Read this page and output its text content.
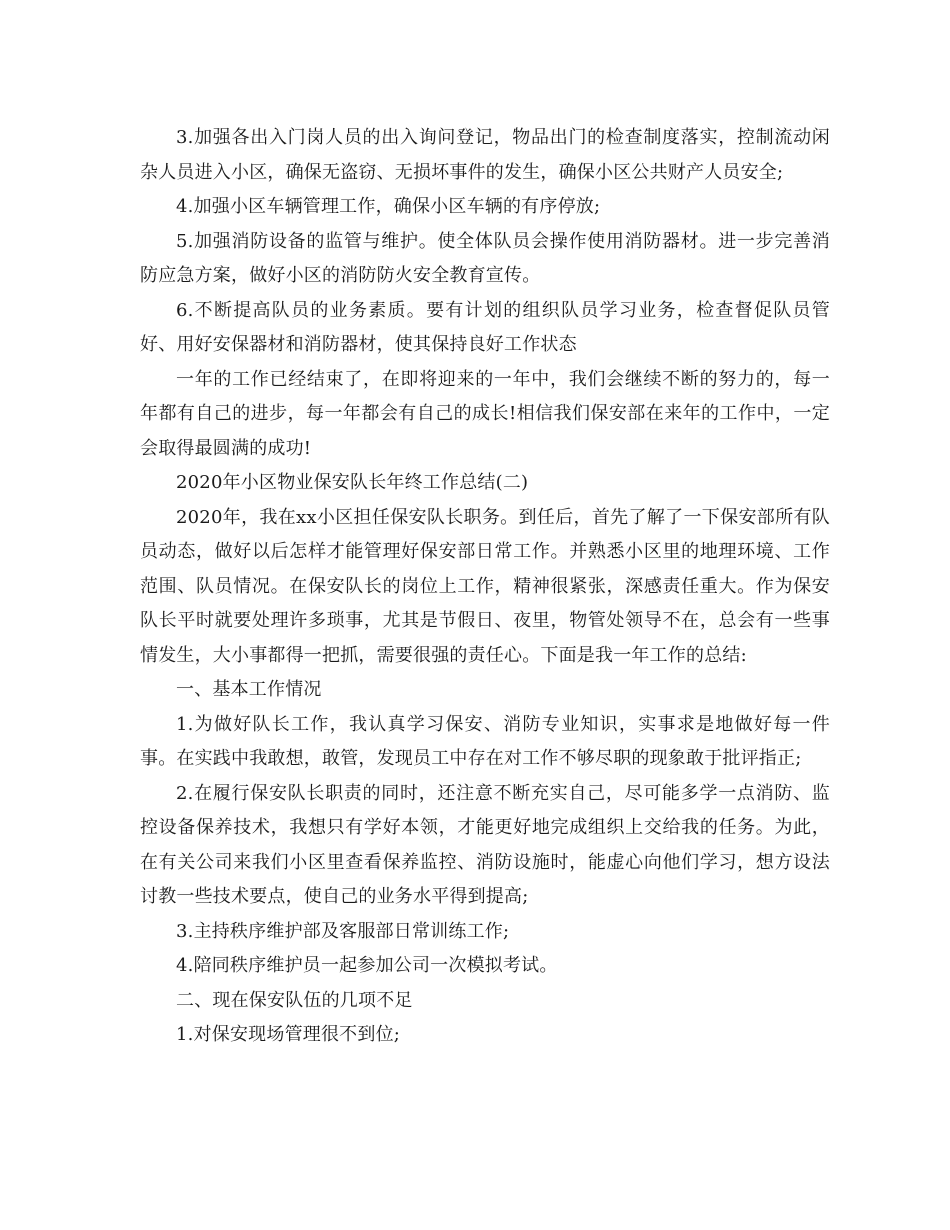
3.加强各出入门岗人员的出入询问登记，物品出门的检查制度落实，控制流动闲杂人员进入小区，确保无盗窃、无损坏事件的发生，确保小区公共财产人员安全;

4.加强小区车辆管理工作，确保小区车辆的有序停放;

5.加强消防设备的监管与维护。使全体队员会操作使用消防器材。进一步完善消防应急方案，做好小区的消防防火安全教育宣传。

6.不断提高队员的业务素质。要有计划的组织队员学习业务，检查督促队员管好、用好安保器材和消防器材，使其保持良好工作状态

一年的工作已经结束了，在即将迎来的一年中，我们会继续不断的努力的，每一年都有自己的进步，每一年都会有自己的成长!相信我们保安部在来年的工作中，一定会取得最圆满的成功!

2020年小区物业保安队长年终工作总结(二)

2020年，我在xx小区担任保安队长职务。到任后，首先了解了一下保安部所有队员动态，做好以后怎样才能管理好保安部日常工作。并熟悉小区里的地理环境、工作范围、队员情况。在保安队长的岗位上工作，精神很紧张，深感责任重大。作为保安队长平时就要处理许多琐事，尤其是节假日、夜里，物管处领导不在，总会有一些事情发生，大小事都得一把抓，需要很强的责任心。下面是我一年工作的总结:

一、基本工作情况

1.为做好队长工作，我认真学习保安、消防专业知识，实事求是地做好每一件事。在实践中我敢想，敢管，发现员工中存在对工作不够尽职的现象敢于批评指正;

2.在履行保安队长职责的同时，还注意不断充实自己，尽可能多学一点消防、监控设备保养技术，我想只有学好本领，才能更好地完成组织上交给我的任务。为此，在有关公司来我们小区里查看保养监控、消防设施时，能虚心向他们学习，想方设法讨教一些技术要点，使自己的业务水平得到提高;

3.主持秩序维护部及客服部日常训练工作;

4.陪同秩序维护员一起参加公司一次模拟考试。

二、现在保安队伍的几项不足

1.对保安现场管理很不到位;
